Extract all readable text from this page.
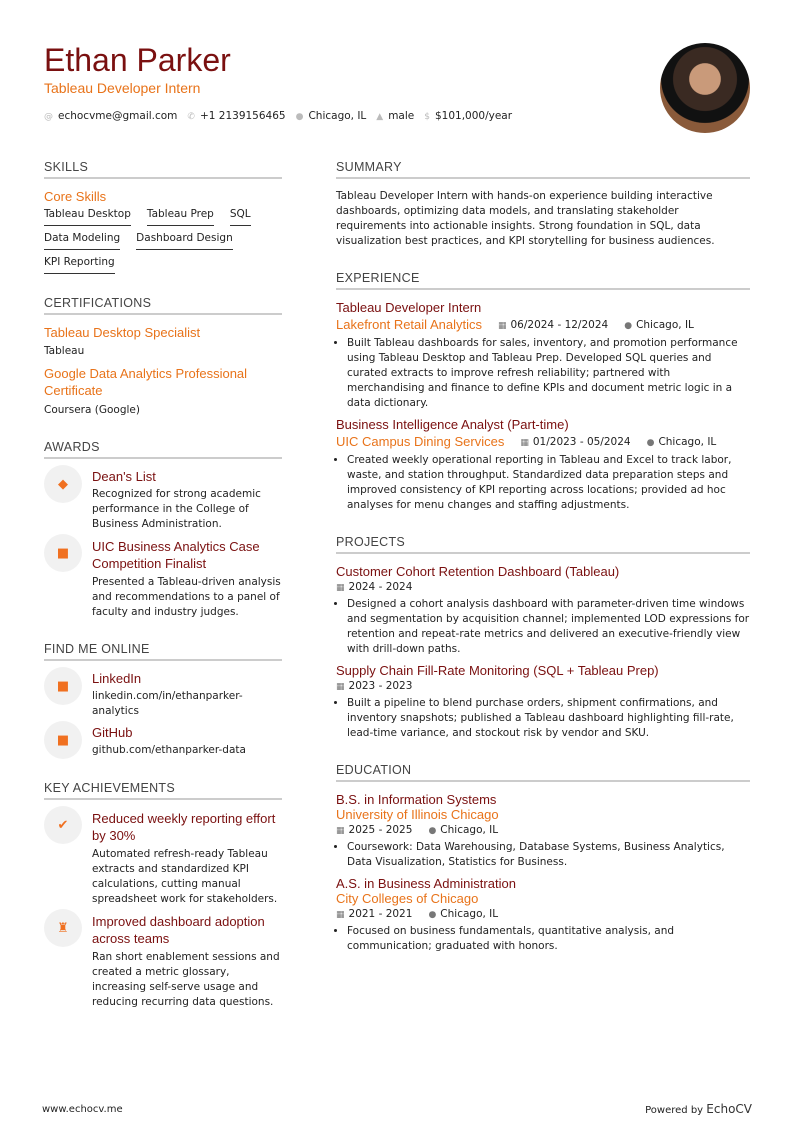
Ethan Parker
Tableau Developer Intern
@ echocvme@gmail.com ✆ +1 2139156465 ● Chicago, IL ▲ male $ $101,000/year
SKILLS
Core Skills
Tableau Desktop Tableau Prep SQL
Data Modeling Dashboard Design
KPI Reporting
CERTIFICATIONS
Tableau Desktop Specialist
Tableau
Google Data Analytics Professional Certificate
Coursera (Google)
AWARDS
◆	Dean's List
Recognized for strong academic performance in the College of Business Administration.
■	UIC Business Analytics Case Competition Finalist
Presented a Tableau-driven analysis and recommendations to a panel of faculty and industry judges.
FIND ME ONLINE
■	LinkedIn
linkedin.com/in/ethanparker-analytics
■	GitHub
github.com/ethanparker-data
KEY ACHIEVEMENTS
✔	Reduced weekly reporting effort by 30%
Automated refresh-ready Tableau extracts and standardized KPI calculations, cutting manual spreadsheet work for stakeholders.
♜	Improved dashboard adoption across teams
Ran short enablement sessions and created a metric glossary, increasing self-serve usage and reducing recurring data questions.
SUMMARY
Tableau Developer Intern with hands-on experience building interactive dashboards, optimizing data models, and translating stakeholder requirements into actionable insights. Strong foundation in SQL, data visualization best practices, and KPI storytelling for business audiences.
EXPERIENCE
Tableau Developer Intern
Lakefront Retail Analytics ▦ 06/2024 - 12/2024 ● Chicago, IL
• Built Tableau dashboards for sales, inventory, and promotion performance using Tableau Desktop and Tableau Prep. Developed SQL queries and curated extracts to improve refresh reliability; partnered with merchandising and finance to define KPIs and document metric logic in a data dictionary.
Business Intelligence Analyst (Part-time)
UIC Campus Dining Services ▦ 01/2023 - 05/2024 ● Chicago, IL
• Created weekly operational reporting in Tableau and Excel to track labor, waste, and station throughput. Standardized data preparation steps and improved consistency of KPI reporting across locations; provided ad hoc analyses for menu changes and staffing adjustments.
PROJECTS
Customer Cohort Retention Dashboard (Tableau)
▦ 2024 - 2024
• Designed a cohort analysis dashboard with parameter-driven time windows and segmentation by acquisition channel; implemented LOD expressions for retention and repeat-rate metrics and delivered an executive-friendly view with drill-down paths.
Supply Chain Fill-Rate Monitoring (SQL + Tableau Prep)
▦ 2023 - 2023
• Built a pipeline to blend purchase orders, shipment confirmations, and inventory snapshots; published a Tableau dashboard highlighting fill-rate, lead-time variance, and stockout risk by vendor and SKU.
EDUCATION
B.S. in Information Systems
University of Illinois Chicago
▦ 2025 - 2025 ● Chicago, IL
• Coursework: Data Warehousing, Database Systems, Business Analytics, Data Visualization, Statistics for Business.
A.S. in Business Administration
City Colleges of Chicago
▦ 2021 - 2021 ● Chicago, IL
• Focused on business fundamentals, quantitative analysis, and communication; graduated with honors.
www.echocv.me	Powered by EchoCV
